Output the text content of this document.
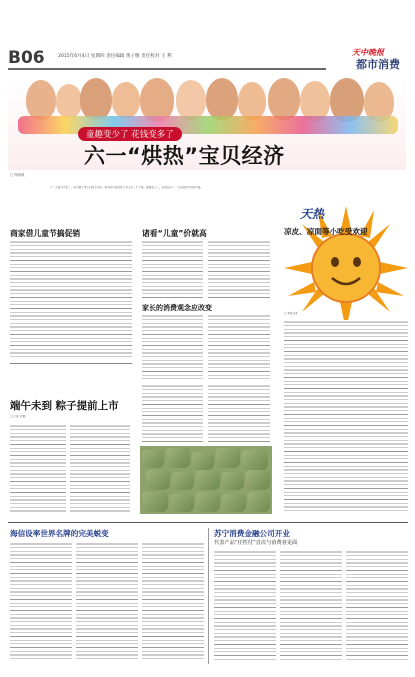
B06	2015年6月4日 星期四 责任编辑 黄子敬 责任校对 王 利	天中晚报
都市消费
童趣变少了 花钱变多了
六一“烘热”宝贝经济
□ 杨玥威
六一儿童节过去了，这个属于孩子们的节日里，很多家长都在孩子身上花了不少钱。童趣变少了，花钱变多了，“宝贝经济”持续升温。
商家借儿童节搞促销	诸看“儿童”价就高
家长的消费观念应改变
端午未到 粽子提前上市
□ 记者 文/图
天热
凉皮、凉面等小吃受欢迎
□ 本报记者
海信设率世界名牌的完美蜕变	苏宁消费金融公司开业
代表产品“任性付”首次与消费者见面
